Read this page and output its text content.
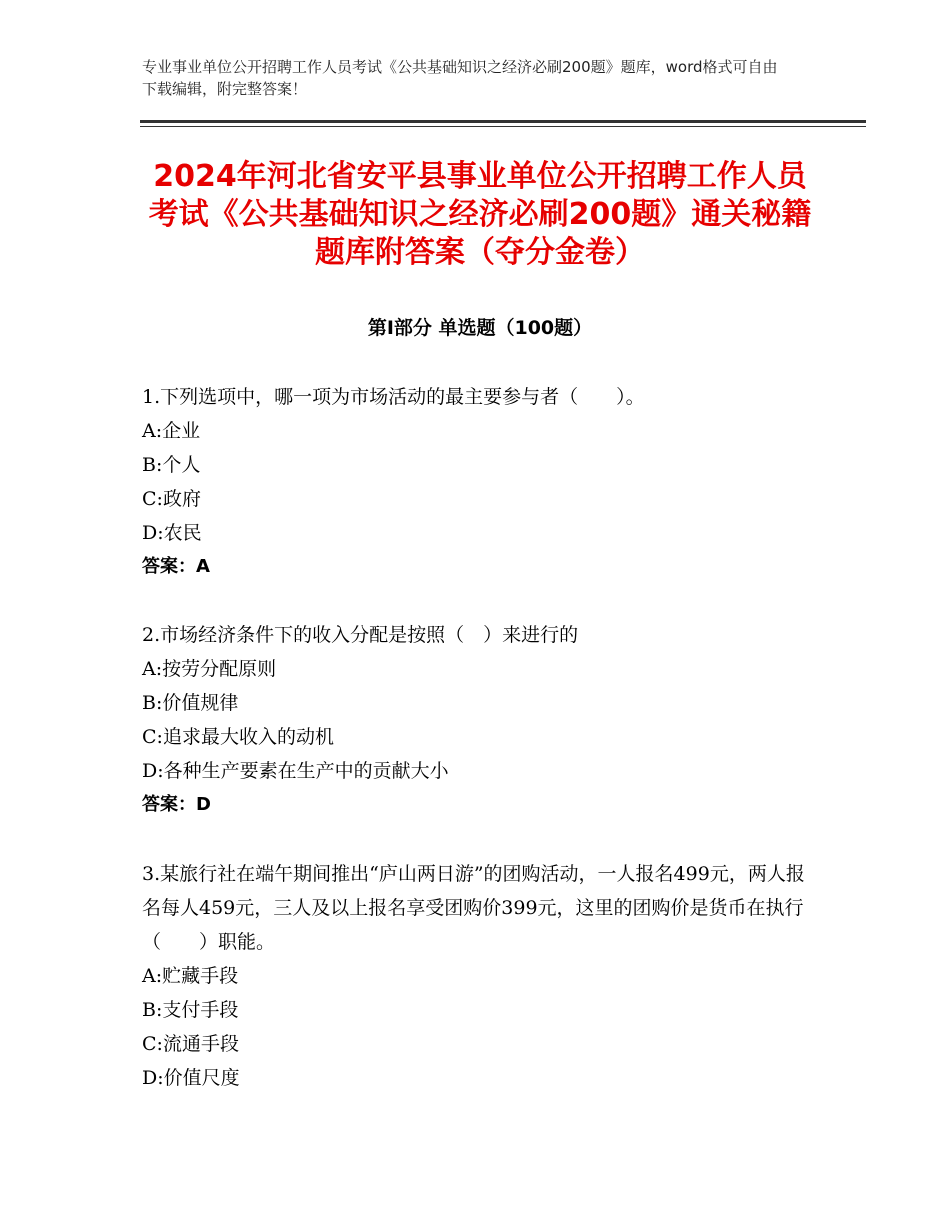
专业事业单位公开招聘工作人员考试《公共基础知识之经济必刷200题》题库，word格式可自由下载编辑，附完整答案！
2024年河北省安平县事业单位公开招聘工作人员考试《公共基础知识之经济必刷200题》通关秘籍题库附答案（夺分金卷）
第I部分 单选题（100题）
1.下列选项中，哪一项为市场活动的最主要参与者（　　）。
A:企业
B:个人
C:政府
D:农民
答案：A
2.市场经济条件下的收入分配是按照（　）来进行的
A:按劳分配原则
B:价值规律
C:追求最大收入的动机
D:各种生产要素在生产中的贡献大小
答案：D
3.某旅行社在端午期间推出“庐山两日游”的团购活动，一人报名499元，两人报名每人459元，三人及以上报名享受团购价399元，这里的团购价是货币在执行（　　）职能。
A:贮藏手段
B:支付手段
C:流通手段
D:价值尺度
